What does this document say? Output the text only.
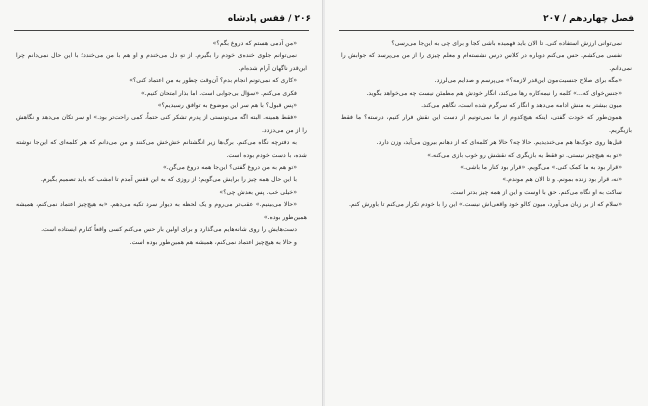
۲۰۶ / قفس پادشاه

«من آدمی هستم که دروغ بگم؟»

نمی‌توانم جلوی خنده‌ی خودم را بگیرم. از تهِ دل می‌خندم و او هم با من می‌خندد؛ با این حال نمی‌دانم چرا این‌قدر ناگهان آرام شده‌ام.

«کاری که نمی‌تونم انجام بدم؟ آن‌وقت چطور به من اعتماد کنی؟»

فکری می‌کنم. «سؤال بی‌جوابی است. اما بذار امتحان کنیم.»

«پس قبول؟ با هم سر این موضوع به توافق رسیدیم؟»

«فقط همینه. البته اگه می‌تونستی از پدرم تشکر کنی حتماً، کمی راحت‌تر بود.» او سر تکان می‌دهد و نگاهش را از من می‌دزدد.

به دفترچه نگاه می‌کنم. برگ‌ها زیر انگشتانم خش‌خش می‌کنند و من می‌دانم که هر کلمه‌ای که این‌جا نوشته شده، با دست خودم بوده است.

«تو هم به من دروغ گفتی؟ این‌جا همه دروغ می‌گن.»

با این حال همه چیز را برایش می‌گویم؛ از روزی که به این قفس آمدم تا امشب که باید تصمیم بگیرم.

«خیلی خب. پس بعدش چی؟»

«حالا می‌بینیم.» عقب‌تر می‌روم و یک لحظه به دیوار سرد تکیه می‌دهم. «به هیچ‌چیز اعتماد نمی‌کنم، همیشه همین‌طور بوده.»

دست‌هایش را روی شانه‌هایم می‌گذارد و برای اولین بار حس می‌کنم کسی واقعاً کنارم ایستاده است.

و حالا به هیچ‌چیز اعتماد نمی‌کنم، همیشه هم همین‌طور بوده است.

فصل چهاردهم / ۲۰۷

نمی‌توانی ارزش استفاده کنی. تا الان باید فهمیده باشی کجا و برای چی به این‌جا می‌رسی؟

نفسی می‌کشم. حس می‌کنم دوباره در کلاس درس نشسته‌ام و معلم چیزی را از من می‌پرسد که جوابش را نمی‌دانم.

«مگه برای صلاح جنسیت‌مون این‌قدر لازمه؟» می‌پرسم و صدایم می‌لرزد.

«جنس‌خوای که...» کلمه را نیمه‌کاره رها می‌کند، انگار خودش هم مطمئن نیست چه می‌خواهد بگوید.

میون بیشتر به منش ادامه می‌دهد و انگار که سرگرم شده است، نگاهم می‌کند.

همون‌طور که خودت گفتی، اینکه هیچ‌کدوم از ما نمی‌تونیم از دست این نقش فرار کنیم، درسته؟ ما فقط بازیگریم.

قبل‌ها روی جوک‌ها هم می‌خندیدیم. حالا چه؟ حالا هر کلمه‌ای که از دهانم بیرون می‌آید، وزن دارد.

«تو به هیچ‌چیز نیستی. تو فقط یه بازیگری که نقشش رو خوب بازی می‌کنه.»

«قرار بود به ما کمک کنی.» می‌گویم. «قرار بود کنار ما باشی.»

«نه، قرار بود زنده بمونم. و تا الان هم موندم.»

ساکت به او نگاه می‌کنم. حق با اوست و این از همه چیز بدتر است.

«سلام که از بر زبان می‌آورد، میون کالو خود واقعی‌اش نیست.» این را با خودم تکرار می‌کنم تا باورش کنم.
